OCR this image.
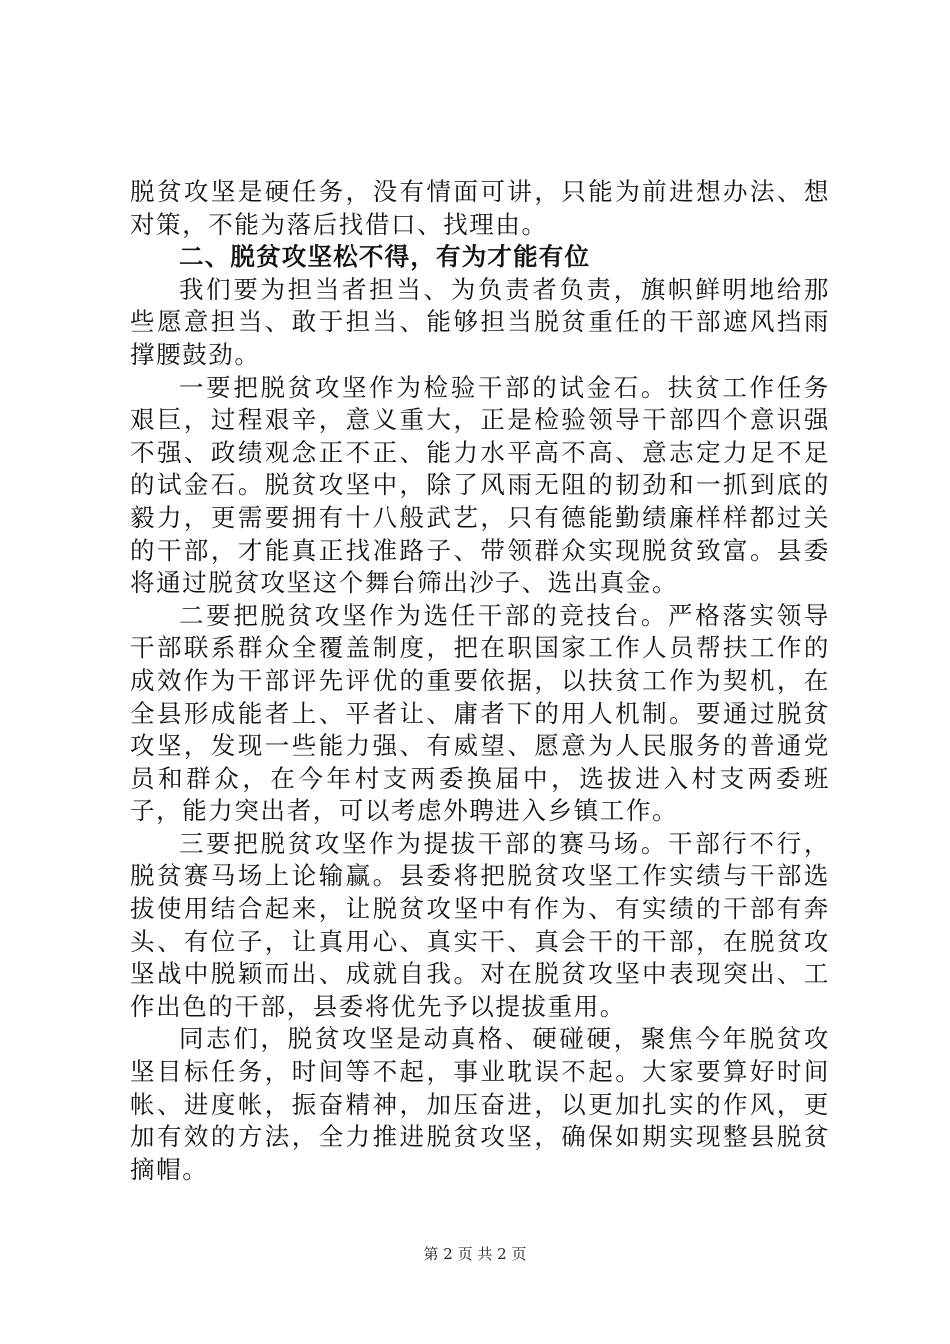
脱贫攻坚是硬任务，没有情面可讲，只能为前进想办法、想对策，不能为落后找借口、找理由。

二、脱贫攻坚松不得，有为才能有位

我们要为担当者担当、为负责者负责，旗帜鲜明地给那些愿意担当、敢于担当、能够担当脱贫重任的干部遮风挡雨撑腰鼓劲。

一要把脱贫攻坚作为检验干部的试金石。扶贫工作任务艰巨，过程艰辛，意义重大，正是检验领导干部四个意识强不强、政绩观念正不正、能力水平高不高、意志定力足不足的试金石。脱贫攻坚中，除了风雨无阻的韧劲和一抓到底的毅力，更需要拥有十八般武艺，只有德能勤绩廉样样都过关的干部，才能真正找准路子、带领群众实现脱贫致富。县委将通过脱贫攻坚这个舞台筛出沙子、选出真金。

二要把脱贫攻坚作为选任干部的竞技台。严格落实领导干部联系群众全覆盖制度，把在职国家工作人员帮扶工作的成效作为干部评先评优的重要依据，以扶贫工作为契机，在全县形成能者上、平者让、庸者下的用人机制。要通过脱贫攻坚，发现一些能力强、有威望、愿意为人民服务的普通党员和群众，在今年村支两委换届中，选拔进入村支两委班子，能力突出者，可以考虑外聘进入乡镇工作。

三要把脱贫攻坚作为提拔干部的赛马场。干部行不行，脱贫赛马场上论输赢。县委将把脱贫攻坚工作实绩与干部选拔使用结合起来，让脱贫攻坚中有作为、有实绩的干部有奔头、有位子，让真用心、真实干、真会干的干部，在脱贫攻坚战中脱颖而出、成就自我。对在脱贫攻坚中表现突出、工作出色的干部，县委将优先予以提拔重用。

同志们，脱贫攻坚是动真格、硬碰硬，聚焦今年脱贫攻坚目标任务，时间等不起，事业耽误不起。大家要算好时间帐、进度帐，振奋精神，加压奋进，以更加扎实的作风，更加有效的方法，全力推进脱贫攻坚，确保如期实现整县脱贫摘帽。

第 2 页 共 2 页
